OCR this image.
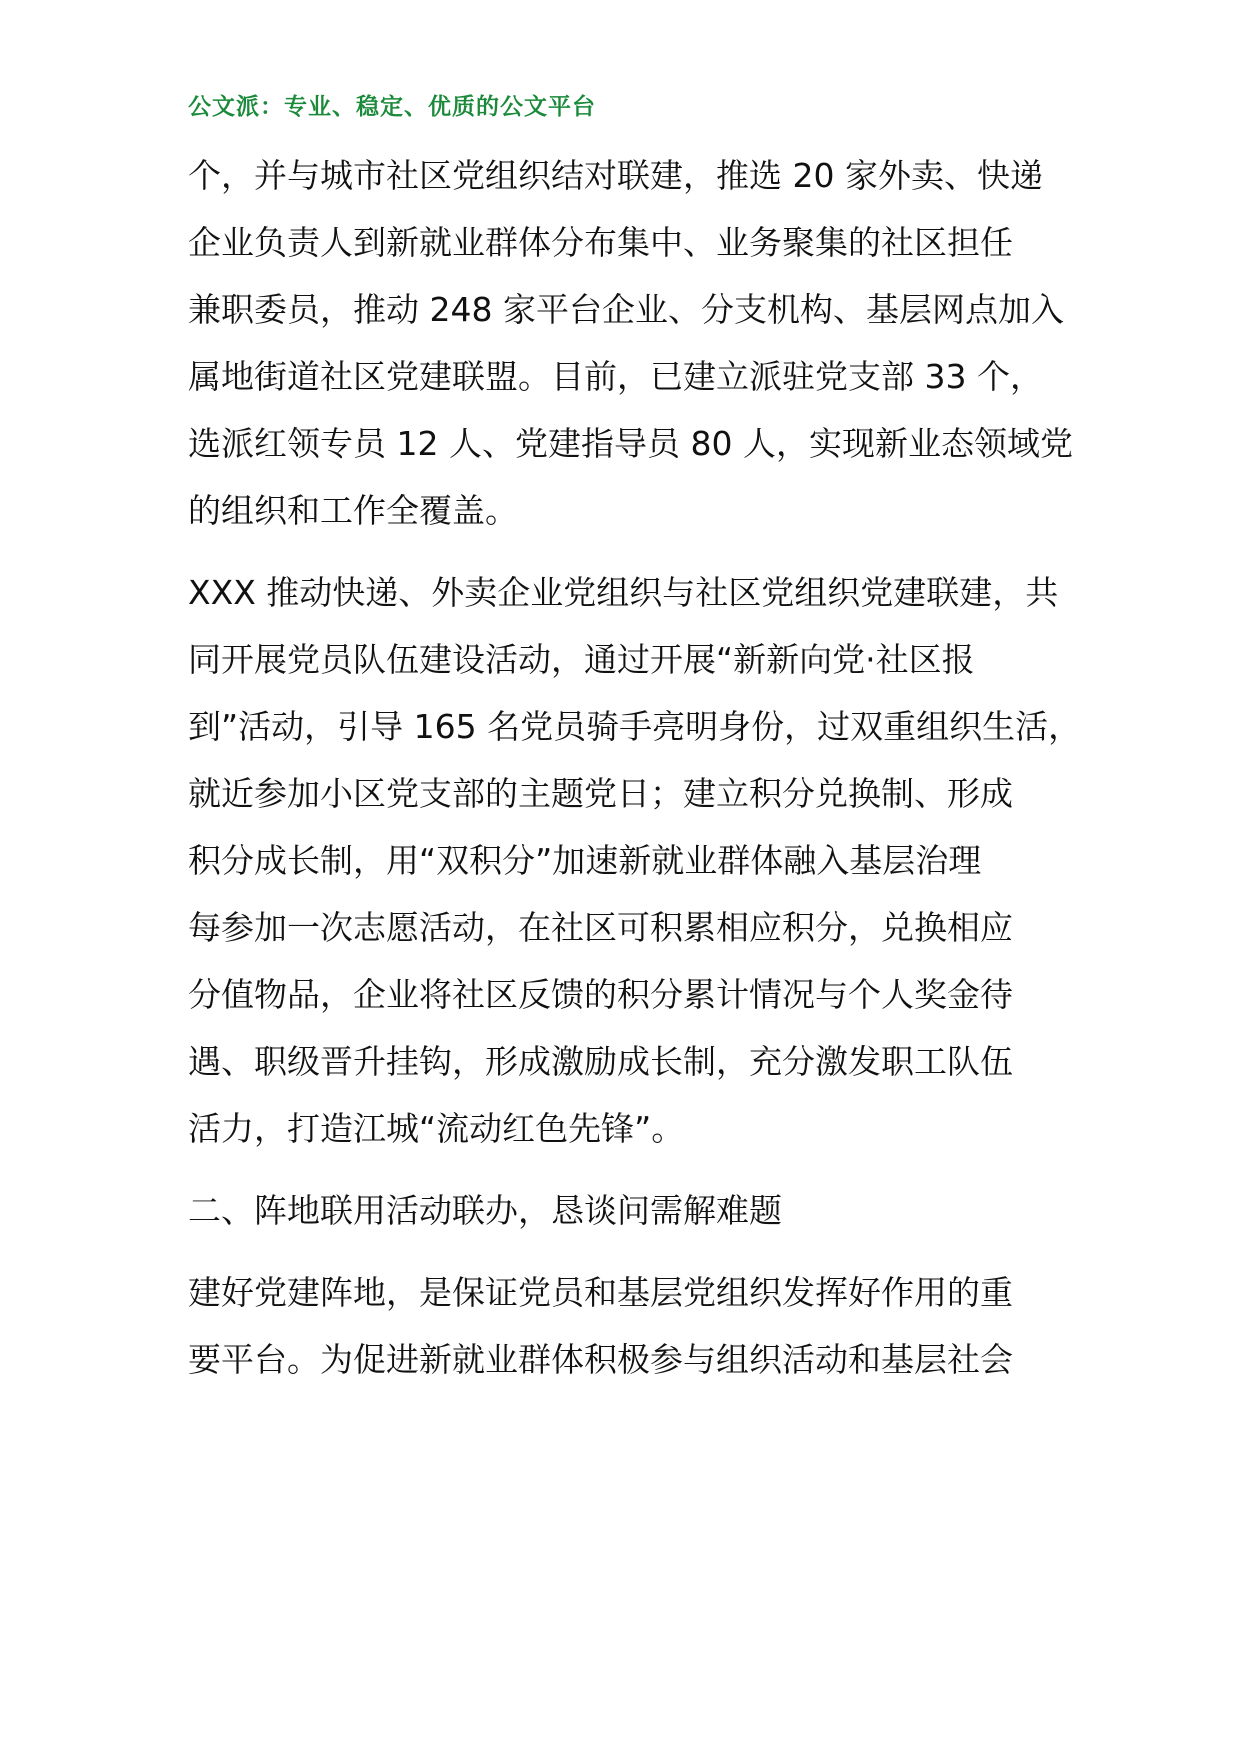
公文派：专业、稳定、优质的公文平台
个，并与城市社区党组织结对联建，推选 20 家外卖、快递
企业负责人到新就业群体分布集中、业务聚集的社区担任
兼职委员，推动 248 家平台企业、分支机构、基层网点加入
属地街道社区党建联盟。目前，已建立派驻党支部 33 个，
选派红领专员 12 人、党建指导员 80 人，实现新业态领域党
的组织和工作全覆盖。
XXX 推动快递、外卖企业党组织与社区党组织党建联建，共
同开展党员队伍建设活动，通过开展“新新向党·社区报
到”活动，引导 165 名党员骑手亮明身份，过双重组织生活，
就近参加小区党支部的主题党日；建立积分兑换制、形成
积分成长制，用“双积分”加速新就业群体融入基层治理
每参加一次志愿活动，在社区可积累相应积分，兑换相应
分值物品，企业将社区反馈的积分累计情况与个人奖金待
遇、职级晋升挂钩，形成激励成长制，充分激发职工队伍
活力，打造江城“流动红色先锋”。
二、阵地联用活动联办，恳谈问需解难题
建好党建阵地，是保证党员和基层党组织发挥好作用的重
要平台。为促进新就业群体积极参与组织活动和基层社会
